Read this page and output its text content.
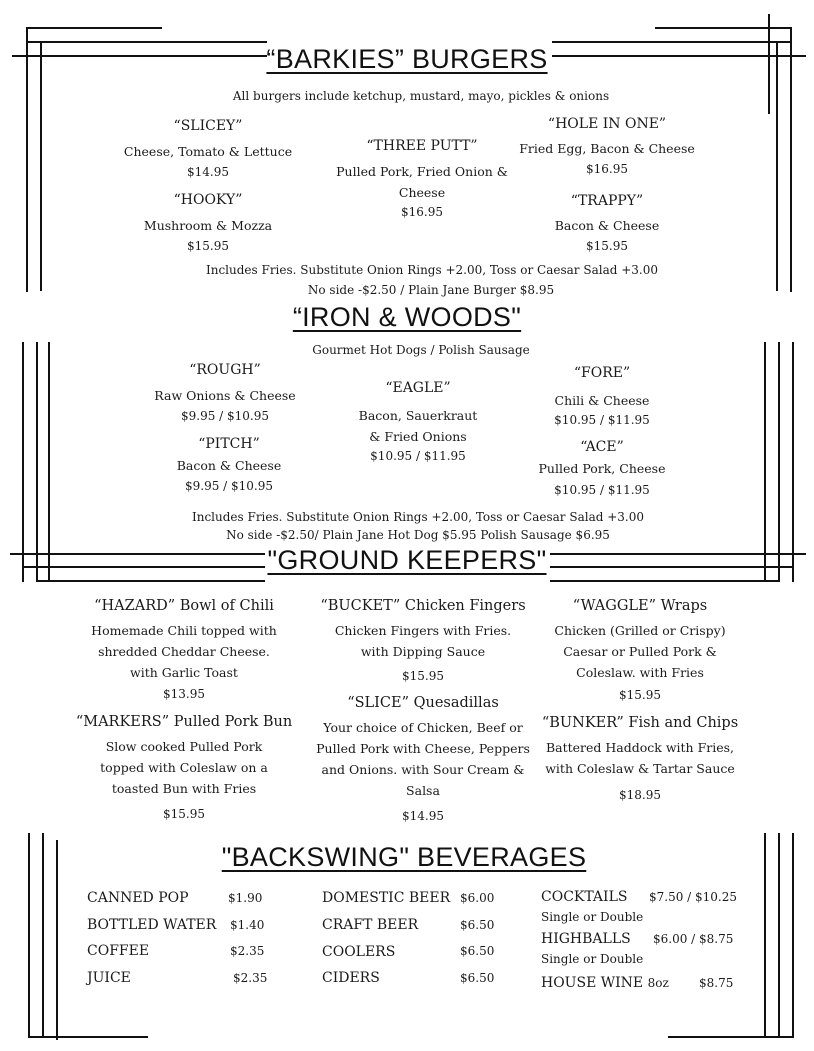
“BARKIES” BURGERS
All burgers include ketchup, mustard, mayo, pickles & onions
“SLICEY”
Cheese, Tomato & Lettuce
$14.95
“HOOKY”
Mushroom & Mozza
$15.95
“THREE PUTT”
Pulled Pork, Fried Onion &
Cheese
$16.95
“HOLE IN ONE”
Fried Egg, Bacon & Cheese
$16.95
“TRAPPY”
Bacon & Cheese
$15.95
Includes Fries. Substitute Onion Rings +2.00, Toss or Caesar Salad +3.00
No side -$2.50 / Plain Jane Burger $8.95
“IRON & WOODS"
Gourmet Hot Dogs / Polish Sausage
“ROUGH”
Raw Onions & Cheese
$9.95 / $10.95
“PITCH”
Bacon & Cheese
$9.95 / $10.95
“EAGLE”
Bacon, Sauerkraut
& Fried Onions
$10.95 / $11.95
“FORE”
Chili & Cheese
$10.95 / $11.95
“ACE”
Pulled Pork, Cheese
$10.95 / $11.95
Includes Fries. Substitute Onion Rings +2.00, Toss or Caesar Salad +3.00
No side -$2.50/ Plain Jane Hot Dog $5.95 Polish Sausage $6.95
"GROUND KEEPERS"
“HAZARD” Bowl of Chili
Homemade Chili topped with
shredded Cheddar Cheese.
with Garlic Toast
$13.95
“MARKERS” Pulled Pork Bun
Slow cooked Pulled Pork
topped with Coleslaw on a
toasted Bun with Fries
$15.95
“BUCKET” Chicken Fingers
Chicken Fingers with Fries.
with Dipping Sauce
$15.95
“SLICE” Quesadillas
Your choice of Chicken, Beef or
Pulled Pork with Cheese, Peppers
and Onions. with Sour Cream &
Salsa
$14.95
“WAGGLE” Wraps
Chicken (Grilled or Crispy)
Caesar or Pulled Pork &
Coleslaw. with Fries
$15.95
“BUNKER” Fish and Chips
Battered Haddock with Fries,
with Coleslaw & Tartar Sauce
$18.95
"BACKSWING" BEVERAGES
CANNED POP	$1.90
BOTTLED WATER $1.40
COFFEE	$2.35
JUICE	$2.35
DOMESTIC BEER $6.00
CRAFT BEER	$6.50
COOLERS	$6.50
CIDERS	$6.50
COCKTAILS $7.50 / $10.25
Single or Double
HIGHBALLS $6.00 / $8.75
Single or Double
HOUSE WINE 8oz	$8.75
